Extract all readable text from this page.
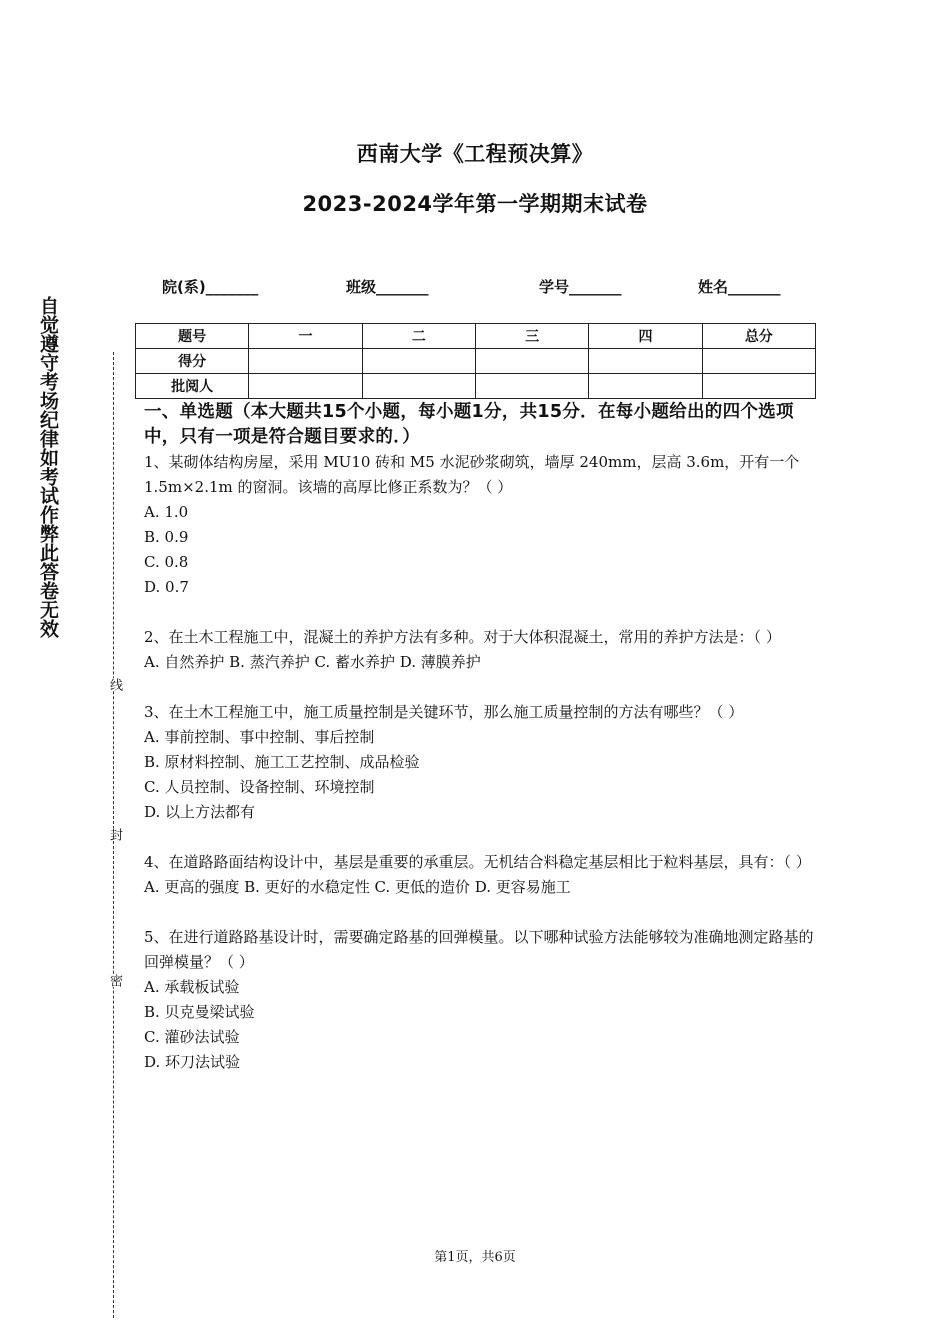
西南大学《工程预决算》
2023-2024学年第一学期期末试卷
院(系)_______	班级_______	学号_______	姓名_______
题号	一	二	三	四	总分
得分					
批阅人					
自觉遵守考场纪律如考试作弊此答卷无效
线
封
密

一、单选题（本大题共15个小题，每小题1分，共15分．在每小题给出的四个选项中，只有一项是符合题目要求的．）

1、某砌体结构房屋，采用 MU10 砖和 M5 水泥砂浆砌筑，墙厚 240mm，层高 3.6m，开有一个 1.5m×2.1m 的窗洞。该墙的高厚比修正系数为？（ ）

A. 1.0

B. 0.9

C. 0.8

D. 0.7

2、在土木工程施工中，混凝土的养护方法有多种。对于大体积混凝土，常用的养护方法是：（ ）

A. 自然养护 B. 蒸汽养护 C. 蓄水养护 D. 薄膜养护

3、在土木工程施工中，施工质量控制是关键环节，那么施工质量控制的方法有哪些？（ ）

A. 事前控制、事中控制、事后控制

B. 原材料控制、施工工艺控制、成品检验

C. 人员控制、设备控制、环境控制

D. 以上方法都有

4、在道路路面结构设计中，基层是重要的承重层。无机结合料稳定基层相比于粒料基层，具有：（ ）

A. 更高的强度 B. 更好的水稳定性 C. 更低的造价 D. 更容易施工

5、在进行道路路基设计时，需要确定路基的回弹模量。以下哪种试验方法能够较为准确地测定路基的回弹模量？（ ）

A. 承载板试验

B. 贝克曼梁试验

C. 灌砂法试验

D. 环刀法试验

第1页，共6页
